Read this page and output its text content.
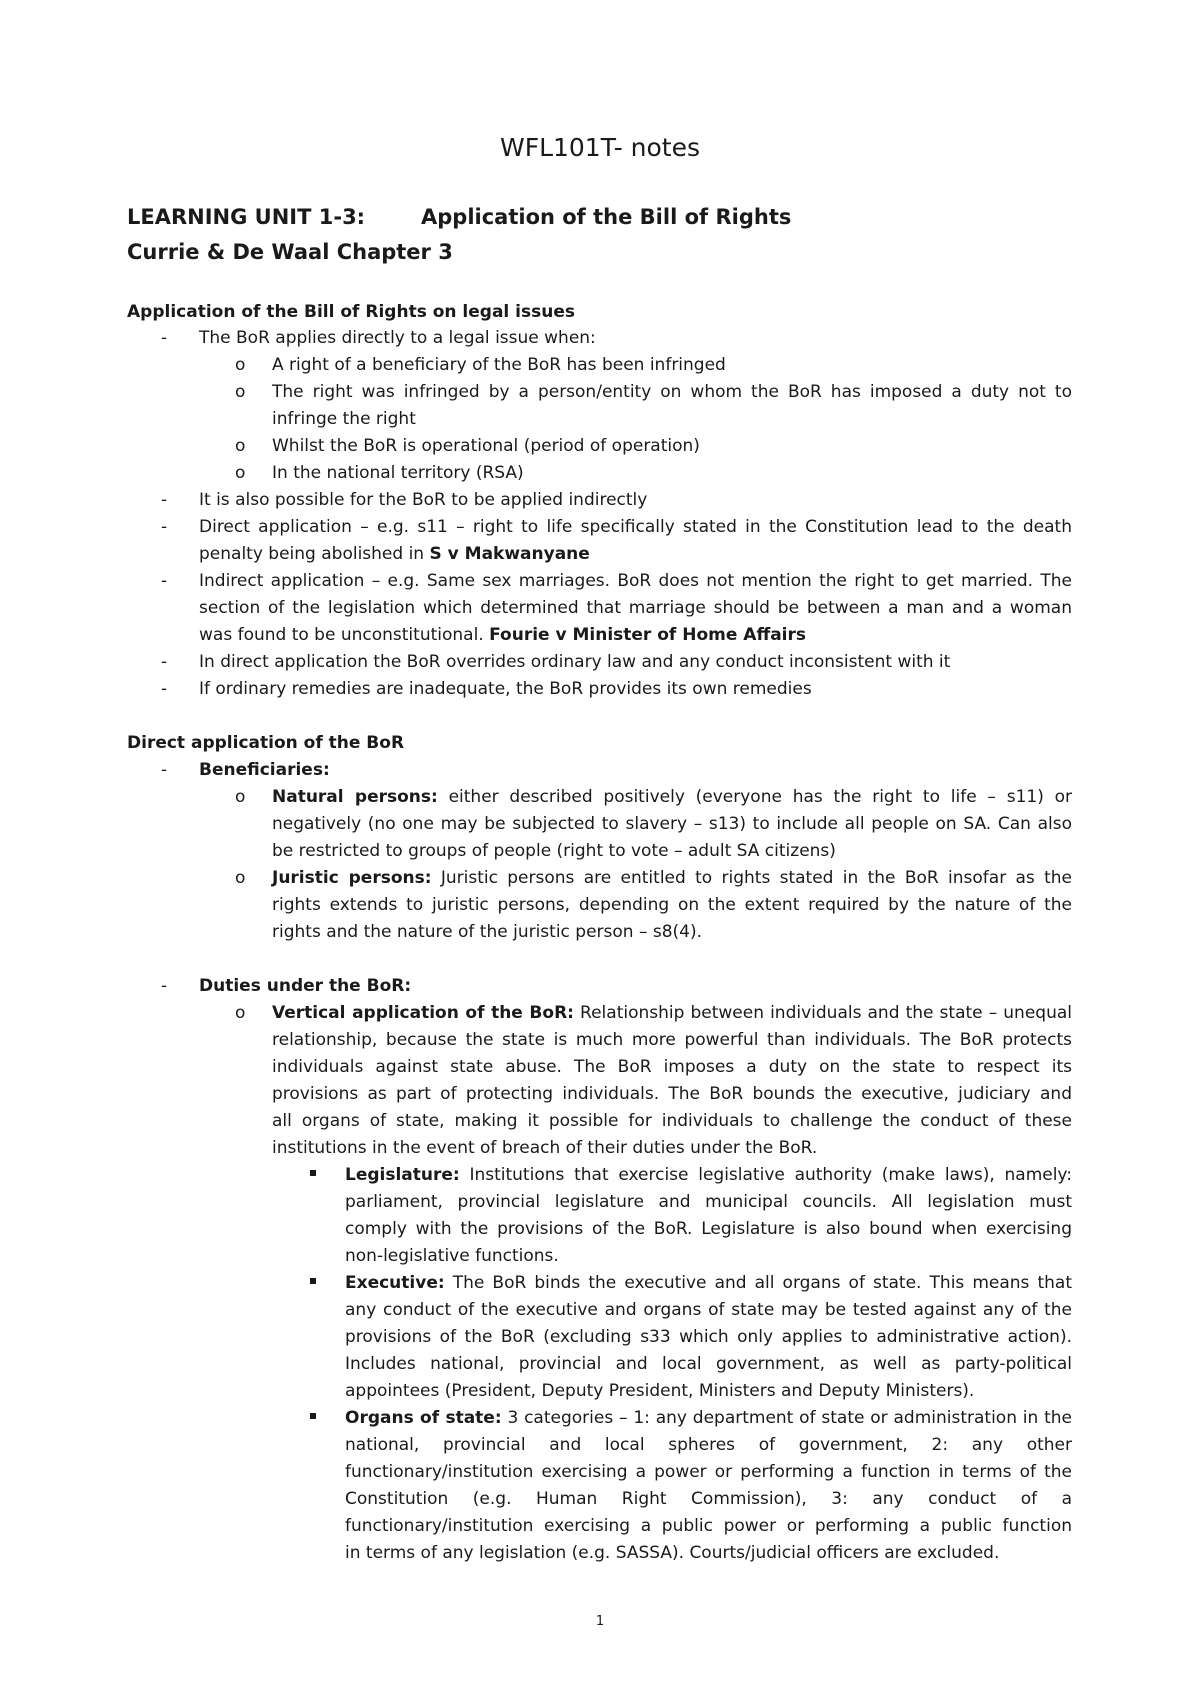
WFL101T- notes
LEARNING UNIT 1-3:	Application of the Bill of Rights
Currie & De Waal Chapter 3
Application of the Bill of Rights on legal issues
- The BoR applies directly to a legal issue when:
o A right of a beneficiary of the BoR has been infringed
o The right was infringed by a person/entity on whom the BoR has imposed a duty not to
infringe the right
o Whilst the BoR is operational (period of operation)
o In the national territory (RSA)
- It is also possible for the BoR to be applied indirectly
- Direct application – e.g. s11 – right to life specifically stated in the Constitution lead to the death
penalty being abolished in S v Makwanyane
- Indirect application – e.g. Same sex marriages. BoR does not mention the right to get married. The
section of the legislation which determined that marriage should be between a man and a woman
was found to be unconstitutional. Fourie v Minister of Home Affairs
- In direct application the BoR overrides ordinary law and any conduct inconsistent with it
- If ordinary remedies are inadequate, the BoR provides its own remedies
Direct application of the BoR
- Beneficiaries:
o Natural persons: either described positively (everyone has the right to life – s11) or
negatively (no one may be subjected to slavery – s13) to include all people on SA. Can also
be restricted to groups of people (right to vote – adult SA citizens)
o Juristic persons: Juristic persons are entitled to rights stated in the BoR insofar as the
rights extends to juristic persons, depending on the extent required by the nature of the
rights and the nature of the juristic person – s8(4).
- Duties under the BoR:
o Vertical application of the BoR: Relationship between individuals and the state – unequal
relationship, because the state is much more powerful than individuals. The BoR protects
individuals against state abuse. The BoR imposes a duty on the state to respect its
provisions as part of protecting individuals. The BoR bounds the executive, judiciary and
all organs of state, making it possible for individuals to challenge the conduct of these
institutions in the event of breach of their duties under the BoR.
Legislature: Institutions that exercise legislative authority (make laws), namely:
parliament, provincial legislature and municipal councils. All legislation must
comply with the provisions of the BoR. Legislature is also bound when exercising
non-legislative functions.
Executive: The BoR binds the executive and all organs of state. This means that
any conduct of the executive and organs of state may be tested against any of the
provisions of the BoR (excluding s33 which only applies to administrative action).
Includes national, provincial and local government, as well as party-political
appointees (President, Deputy President, Ministers and Deputy Ministers).
Organs of state: 3 categories – 1: any department of state or administration in the
national, provincial and local spheres of government, 2: any other
functionary/institution exercising a power or performing a function in terms of the
Constitution (e.g. Human Right Commission), 3: any conduct of a
functionary/institution exercising a public power or performing a public function
in terms of any legislation (e.g. SASSA). Courts/judicial officers are excluded.
1
